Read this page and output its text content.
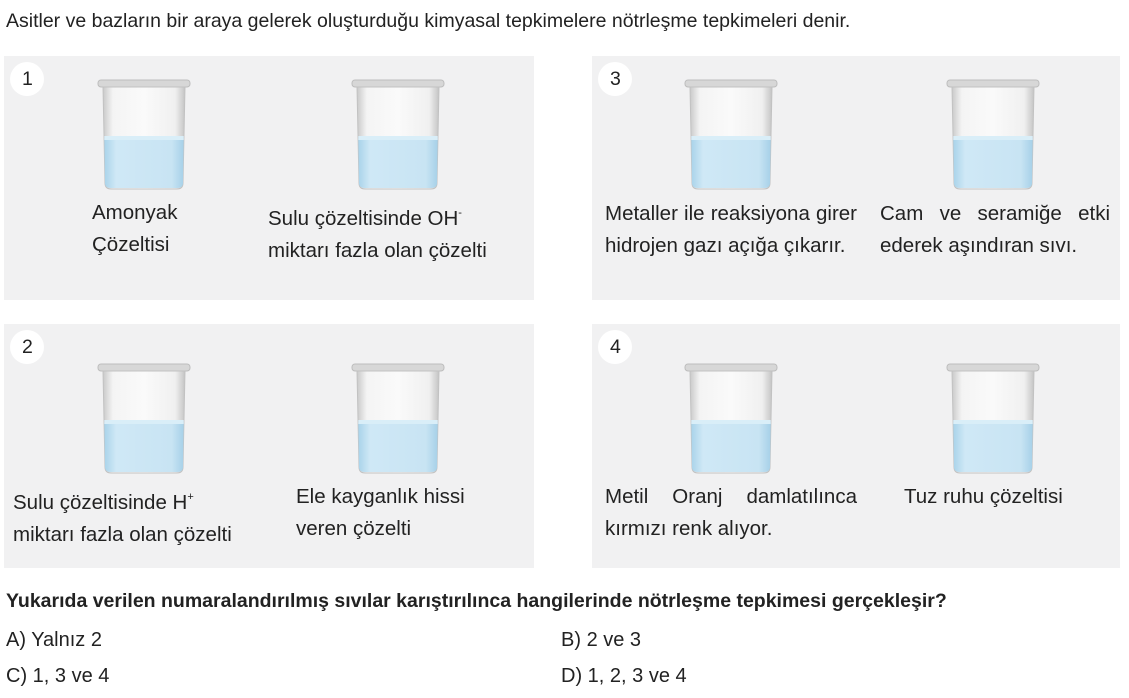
Asitler ve bazların bir araya gelerek oluşturduğu kimyasal tepkimelere nötrleşme tepkimeleri denir.
1
Amonyak
Çözeltisi
Sulu çözeltisinde OH-
miktarı fazla olan çözelti
3
Metaller ile reaksiyona girer hidrojen gazı açığa çıkarır.
Cam ve seramiğe etki ederek aşındıran sıvı.
2
Sulu çözeltisinde H+
miktarı fazla olan çözelti
Ele kayganlık hissi
veren çözelti
4
Metil Oranj damlatılınca kırmızı renk alıyor.
Tuz ruhu çözeltisi
Yukarıda verilen numaralandırılmış sıvılar karıştırılınca hangilerinde nötrleşme tepkimesi gerçekleşir?
A) Yalnız 2	B) 2 ve 3
C) 1, 3 ve 4	D) 1, 2, 3 ve 4
